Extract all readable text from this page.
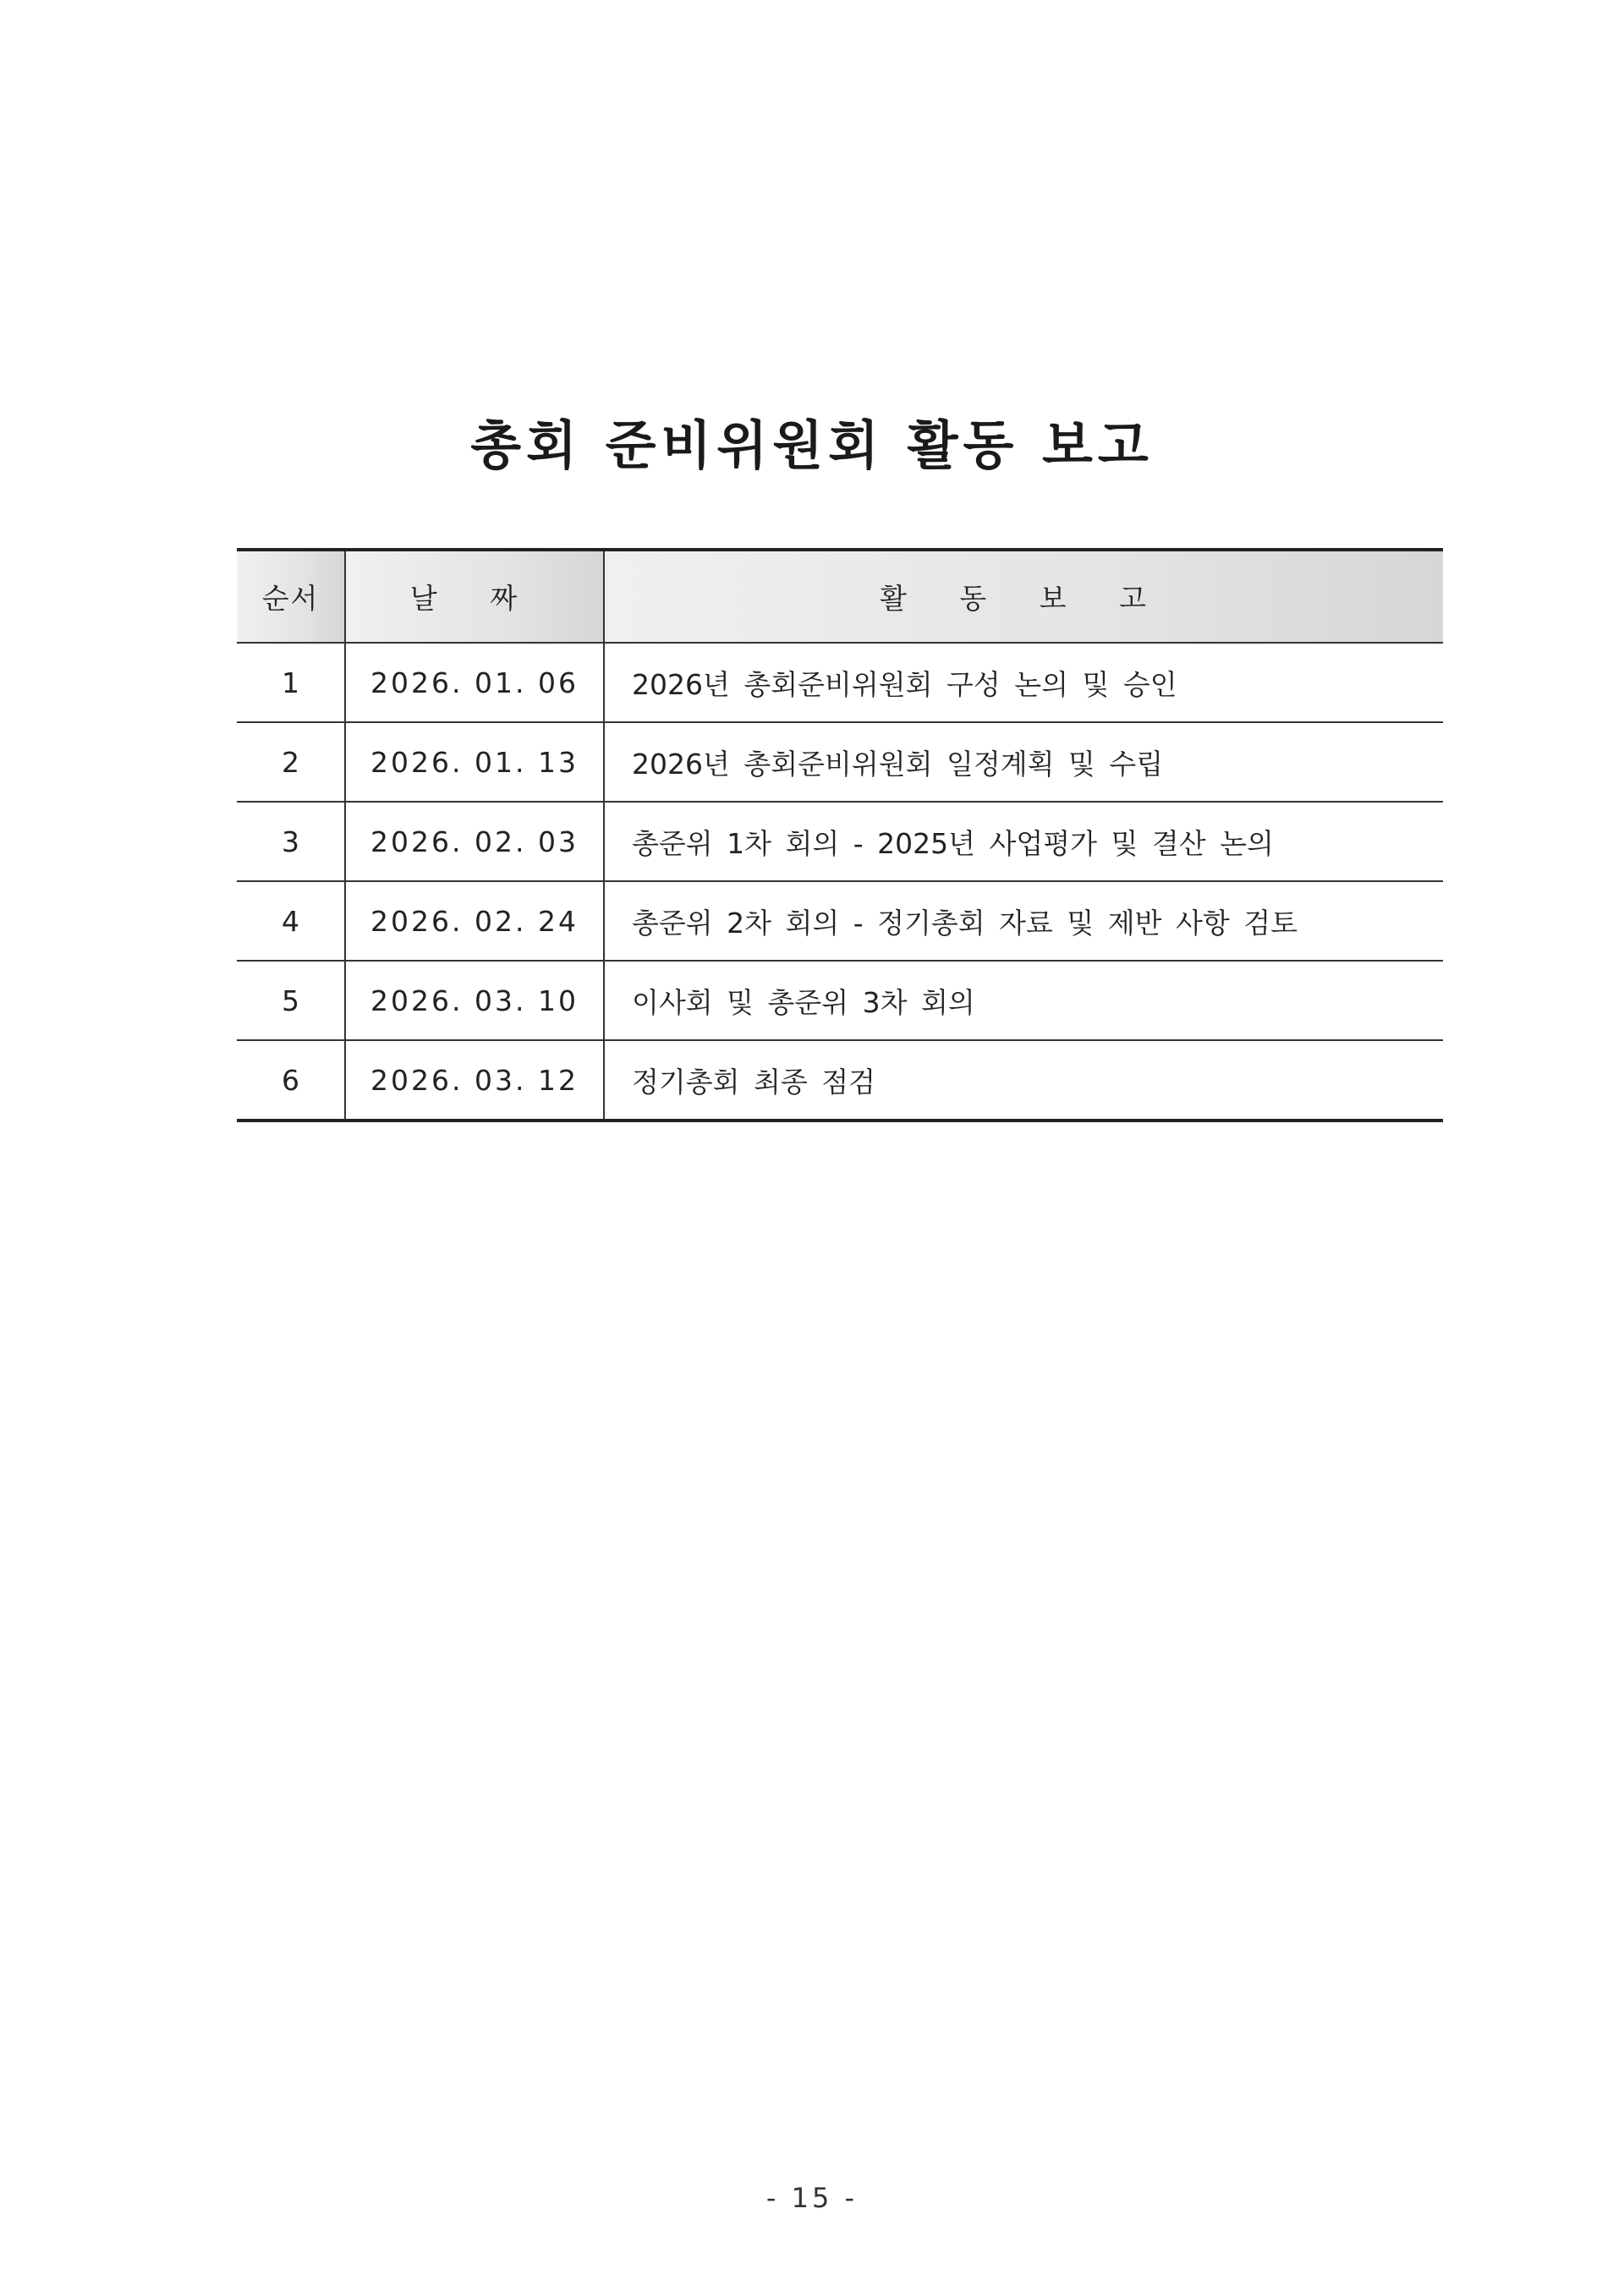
총회 준비위원회 활동 보고
순서	날 짜	활 동 보 고
1	2026. 01. 06	2026년 총회준비위원회 구성 논의 및 승인
2	2026. 01. 13	2026년 총회준비위원회 일정계획 및 수립
3	2026. 02. 03	총준위 1차 회의 - 2025년 사업평가 및 결산 논의
4	2026. 02. 24	총준위 2차 회의 - 정기총회 자료 및 제반 사항 검토
5	2026. 03. 10	이사회 및 총준위 3차 회의
6	2026. 03. 12	정기총회 최종 점검
- 15 -
